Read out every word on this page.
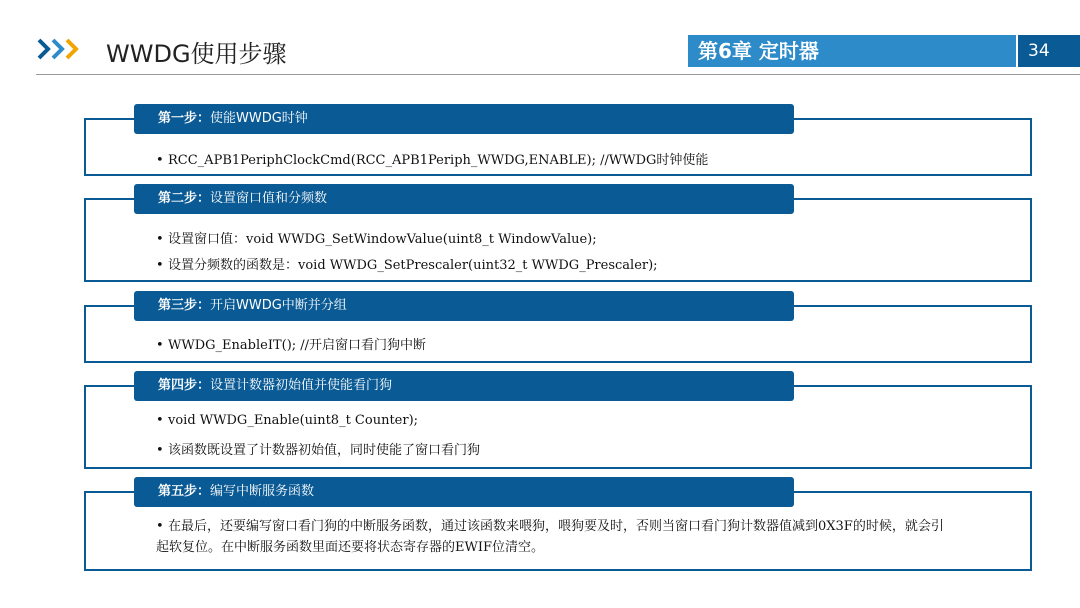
WWDG使用步骤	第6章 定时器	34
第一步：使能WWDG时钟
• RCC_APB1PeriphClockCmd(RCC_APB1Periph_WWDG,ENABLE); //WWDG时钟使能
第二步：设置窗口值和分频数
• 设置窗口值：void WWDG_SetWindowValue(uint8_t WindowValue);
• 设置分频数的函数是：void WWDG_SetPrescaler(uint32_t WWDG_Prescaler);
第三步：开启WWDG中断并分组
• WWDG_EnableIT(); //开启窗口看门狗中断
第四步：设置计数器初始值并使能看门狗
• void WWDG_Enable(uint8_t Counter);
• 该函数既设置了计数器初始值，同时使能了窗口看门狗
第五步：编写中断服务函数
• 在最后，还要编写窗口看门狗的中断服务函数，通过该函数来喂狗，喂狗要及时，否则当窗口看门狗计数器值减到0X3F的时候，就会引起软复位。在中断服务函数里面还要将状态寄存器的EWIF位清空。
